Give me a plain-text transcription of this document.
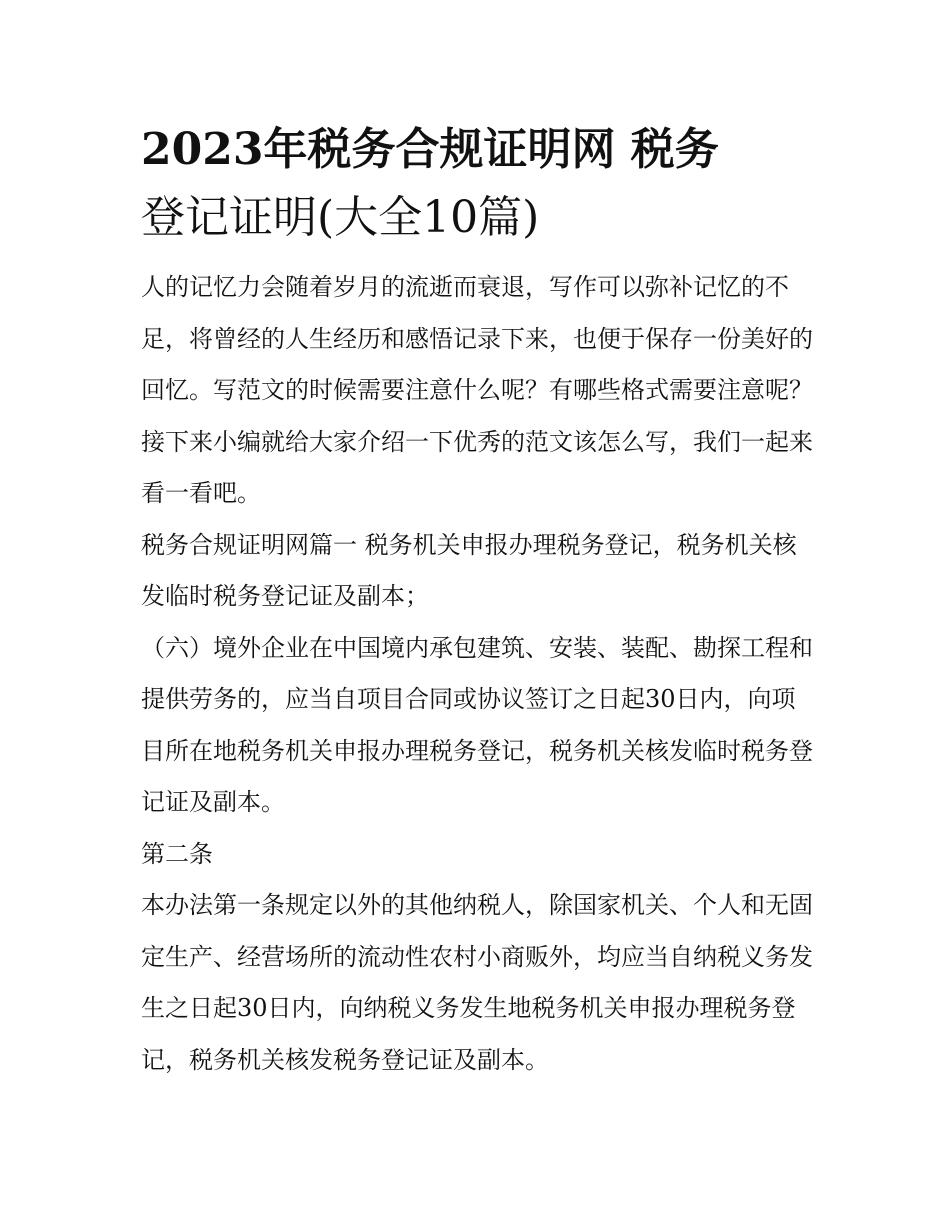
2023年税务合规证明网 税务
登记证明(大全10篇)

人的记忆力会随着岁月的流逝而衰退，写作可以弥补记忆的不足，将曾经的人生经历和感悟记录下来，也便于保存一份美好的回忆。写范文的时候需要注意什么呢？有哪些格式需要注意呢？接下来小编就给大家介绍一下优秀的范文该怎么写，我们一起来看一看吧。

税务合规证明网篇一 税务机关申报办理税务登记，税务机关核发临时税务登记证及副本；

（六）境外企业在中国境内承包建筑、安装、装配、勘探工程和提供劳务的，应当自项目合同或协议签订之日起30日内，向项目所在地税务机关申报办理税务登记，税务机关核发临时税务登记证及副本。

第二条

本办法第一条规定以外的其他纳税人，除国家机关、个人和无固定生产、经营场所的流动性农村小商贩外，均应当自纳税义务发生之日起30日内，向纳税义务发生地税务机关申报办理税务登记，税务机关核发税务登记证及副本。
